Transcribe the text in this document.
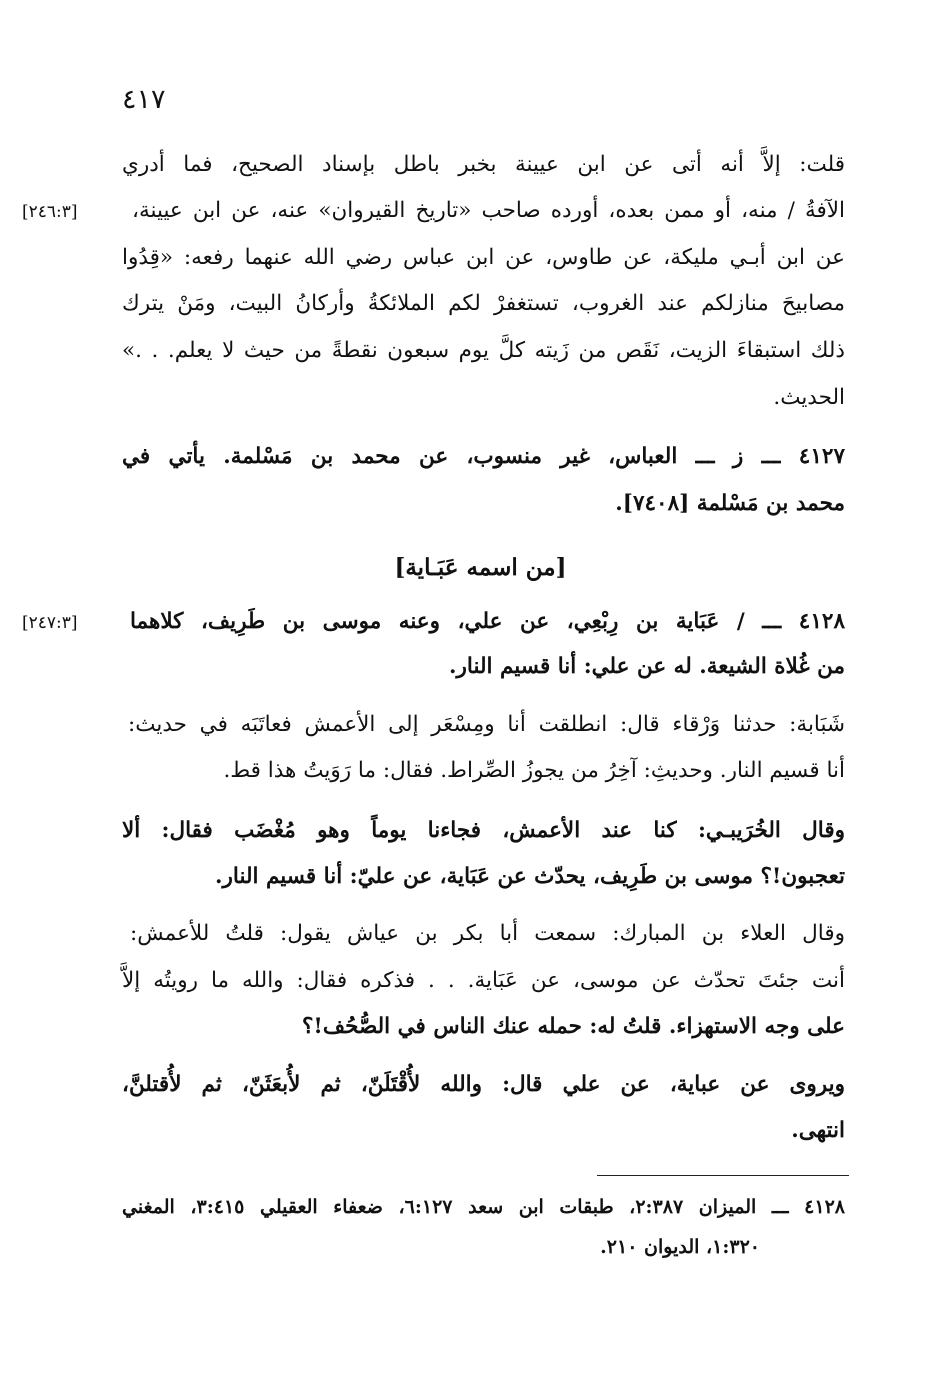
٤١٧
قلت: إلاَّ أنه أتى عن ابن عيينة بخبر باطل بإسناد الصحيح، فما أدري
الآفةُ / منه، أو ممن بعده، أورده صاحب «تاريخ القيروان» عنه، عن ابن عيينة،
[٢٤٦:٣]
عن ابن أبـي مليكة، عن طاوس، عن ابن عباس رضي الله عنهما رفعه: «قِدُوا
مصابيحَ منازلكم عند الغروب، تستغفرْ لكم الملائكةُ وأركانُ البيت، ومَنْ يترك
ذلك استبقاءَ الزيت، نَقَص من زَيته كلَّ يوم سبعون نقطةً من حيث لا يعلم. . .»
الحديث.
٤١٢٧ ـــ ز ـــ العباس، غير منسوب، عن محمد بن مَسْلمة. يأتي في
محمد بن مَسْلمة [٧٤٠٨].
[من اسمه عَبَـاية]
٤١٢٨ ـــ / عَبَاية بن رِبْعِي، عن علي، وعنه موسى بن طَرِيف، كلاهما
[٢٤٧:٣]
من غُلاة الشيعة. له عن علي: أنا قسيم النار.
شَبَابة: حدثنا وَرْقاء قال: انطلقت أنا ومِسْعَر إلى الأعمش فعاتَبَه في حديث:
أنا قسيم النار. وحديثِ: آخِرُ من يجوزُ الصِّراط. فقال: ما رَوَيتُ هذا قط.
وقال الخُرَيبـي: كنا عند الأعمش، فجاءنا يوماً وهو مُغْضَب فقال: ألا
تعجبون!؟ موسى بن طَرِيف، يحدّث عن عَبَاية، عن عليّ: أنا قسيم النار.
وقال العلاء بن المبارك: سمعت أبا بكر بن عياش يقول: قلتُ للأعمش:
أنت جئتَ تحدّث عن موسى، عن عَبَاية. . . فذكره فقال: والله ما رويتُه إلاَّ
على وجه الاستهزاء. قلتُ له: حمله عنك الناس في الصُّحُف!؟
ويروى عن عباية، عن علي قال: والله لأُقْتَلَنّ، ثم لأُبعَثَنّ، ثم لأُقتلنَّ،
انتهى.
٤١٢٨ ـــ الميزان ٢:٣٨٧، طبقات ابن سعد ٦:١٢٧، ضعفاء العقيلي ٣:٤١٥، المغني
١:٣٢٠، الديوان ٢١٠.
